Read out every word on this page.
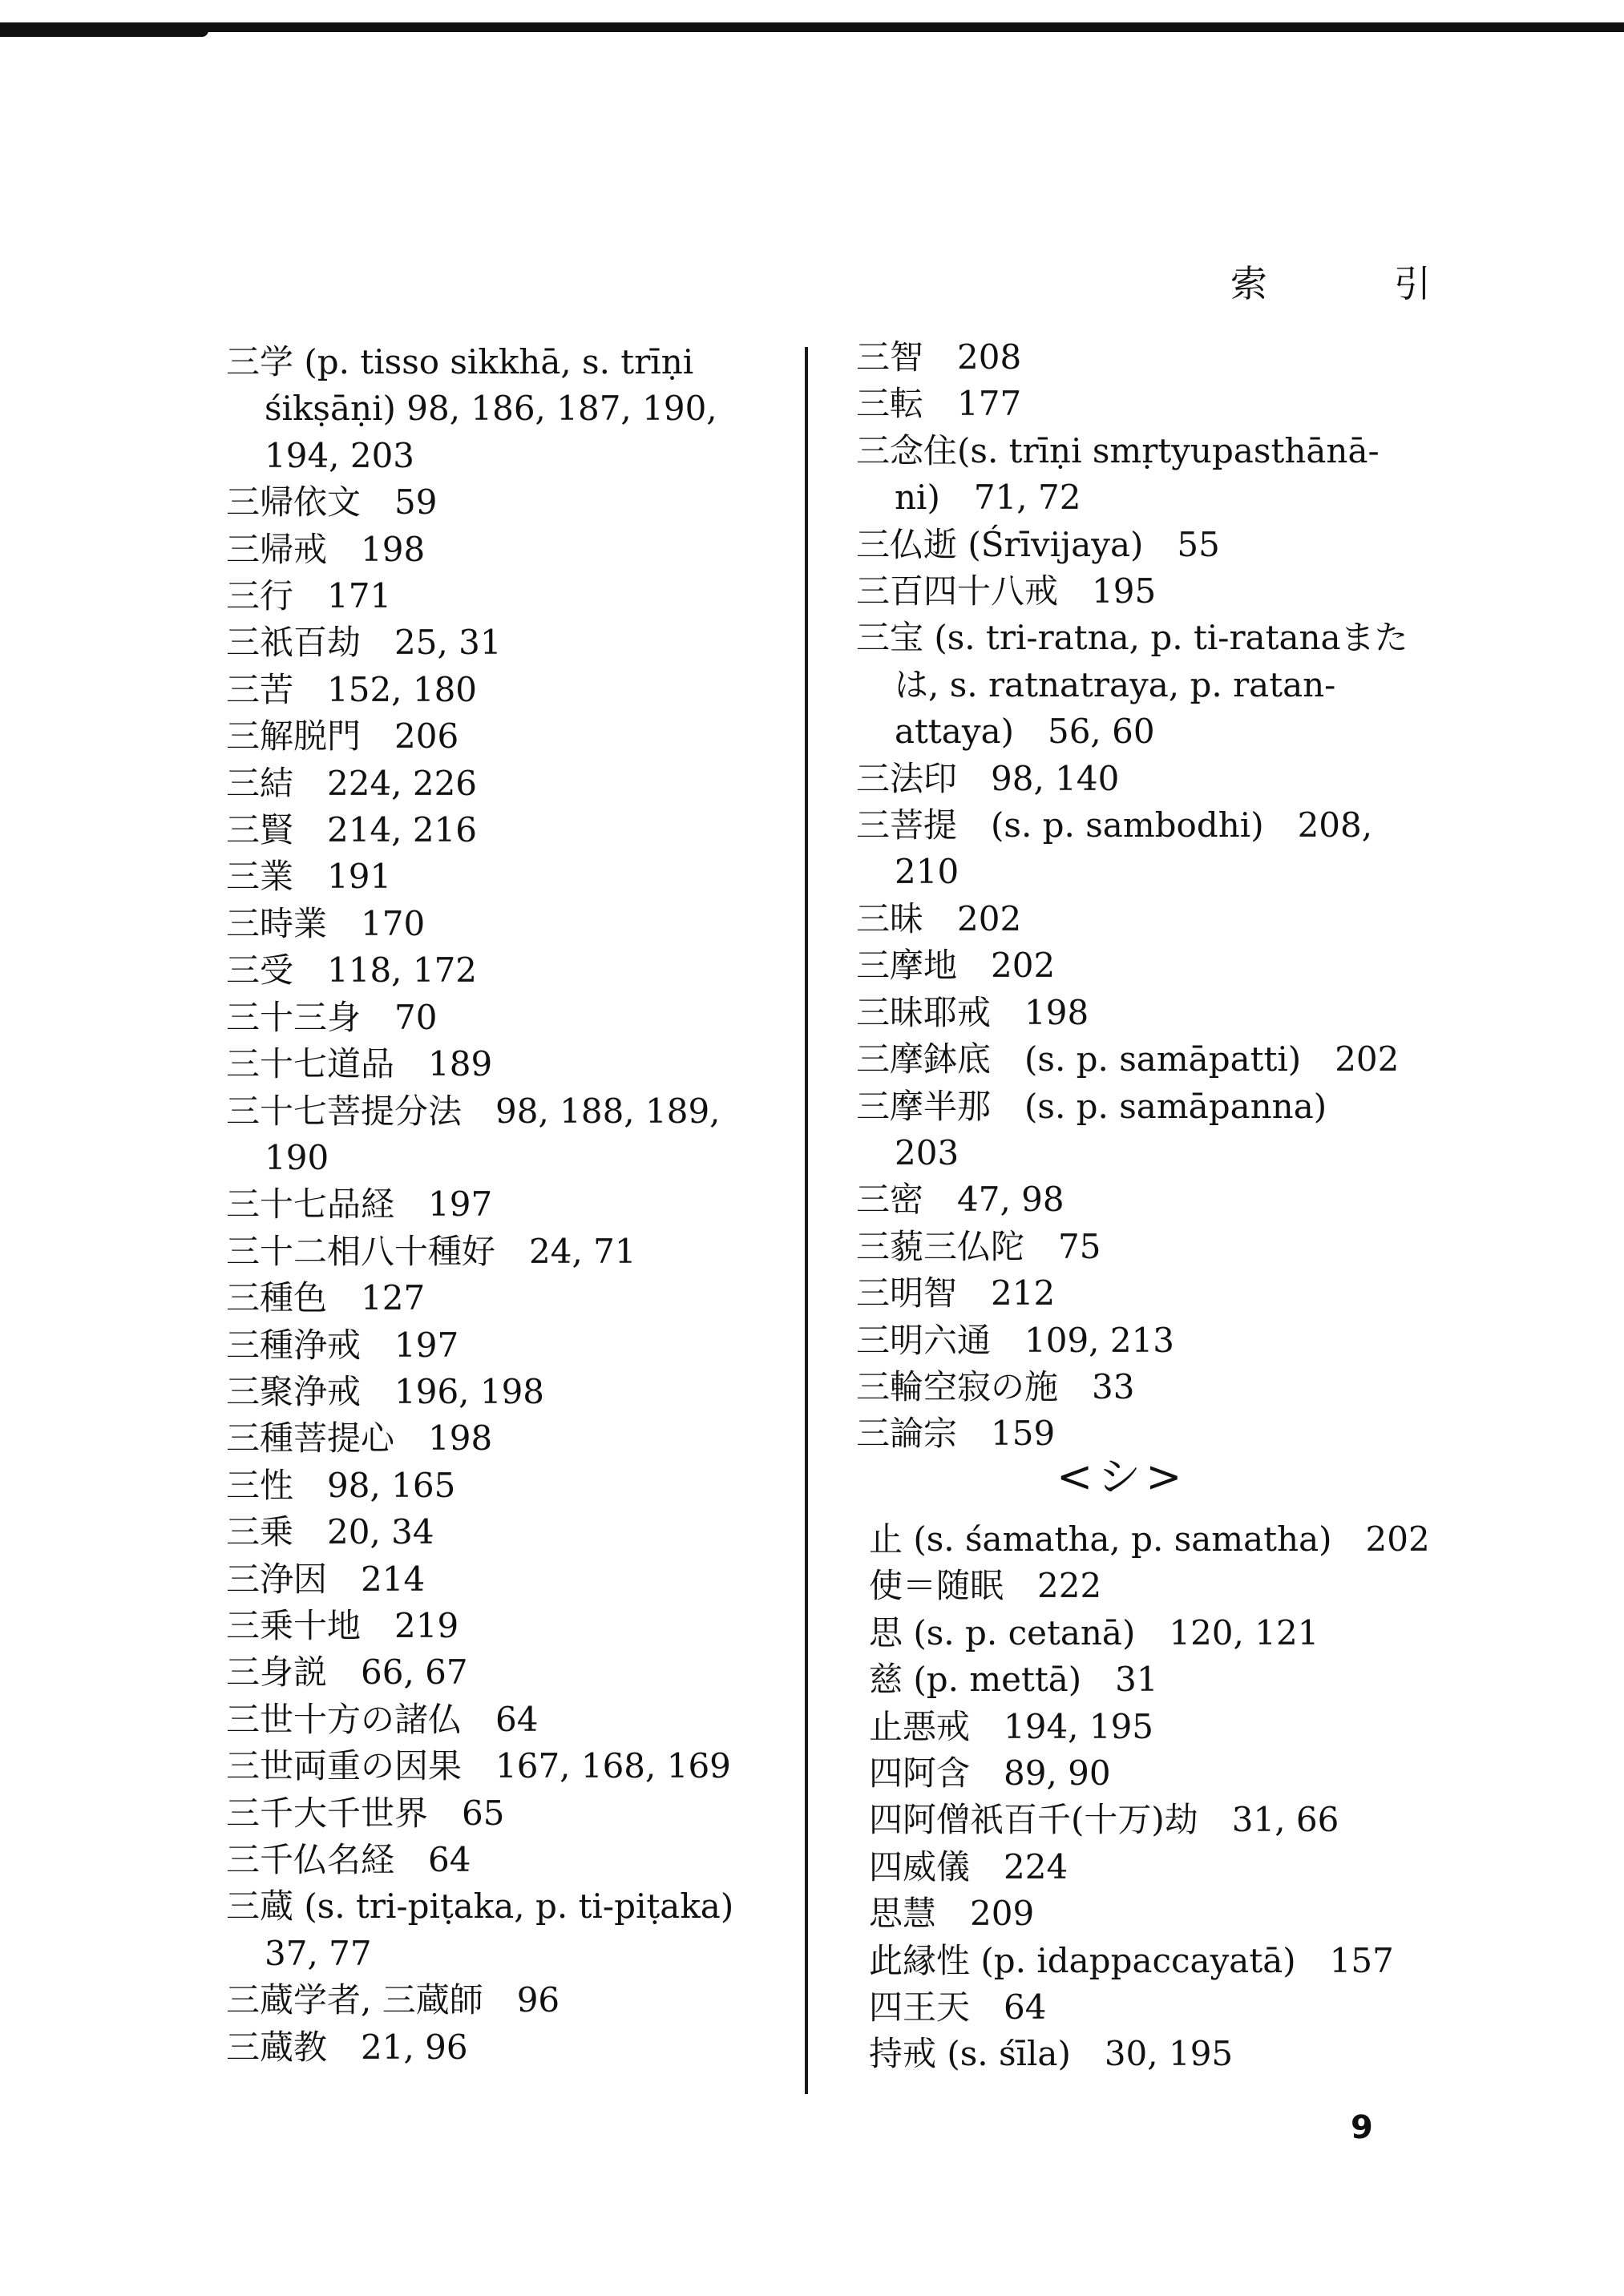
索　引
三学 (p. tisso sikkhā, s. trīṇi śikṣāṇi) 98, 186, 187, 190, 194, 203
三帰依文　59
三帰戒　198
三行　171
三祇百劫　25, 31
三苦　152, 180
三解脱門　206
三結　224, 226
三賢　214, 216
三業　191
三時業　170
三受　118, 172
三十三身　70
三十七道品　189
三十七菩提分法　98, 188, 189, 190
三十七品経　197
三十二相八十種好　24, 71
三種色　127
三種浄戒　197
三聚浄戒　196, 198
三種菩提心　198
三性　98, 165
三乗　20, 34
三浄因　214
三乗十地　219
三身説　66, 67
三世十方の諸仏　64
三世両重の因果　167, 168, 169
三千大千世界　65
三千仏名経　64
三蔵 (s. tri-piṭaka, p. ti-piṭaka) 37, 77
三蔵学者, 三蔵師　96
三蔵教　21, 96
三智　208
三転　177
三念住(s. trīṇi smṛtyupasthānā-ni)　71, 72
三仏逝 (Śrīvijaya)　55
三百四十八戒　195
三宝 (s. tri-ratna, p. ti-ratanaまたは, s. ratnatraya, p. ratan-attaya)　56, 60
三法印　98, 140
三菩提　(s. p. sambodhi)　208, 210
三昧　202
三摩地　202
三昧耶戒　198
三摩鉢底　(s. p. samāpatti)　202
三摩半那　(s. p. samāpanna)　203
三密　47, 98
三藐三仏陀　75
三明智　212
三明六通　109, 213
三輪空寂の施　33
三論宗　159
<シ>
止 (s. śamatha, p. samatha)　202
使＝随眠　222
思 (s. p. cetanā)　120, 121
慈 (p. mettā)　31
止悪戒　194, 195
四阿含　89, 90
四阿僧祇百千(十万)劫　31, 66
四威儀　224
思慧　209
此縁性 (p. idappaccayatā)　157
四王天　64
持戒 (s. śīla)　30, 195
9
